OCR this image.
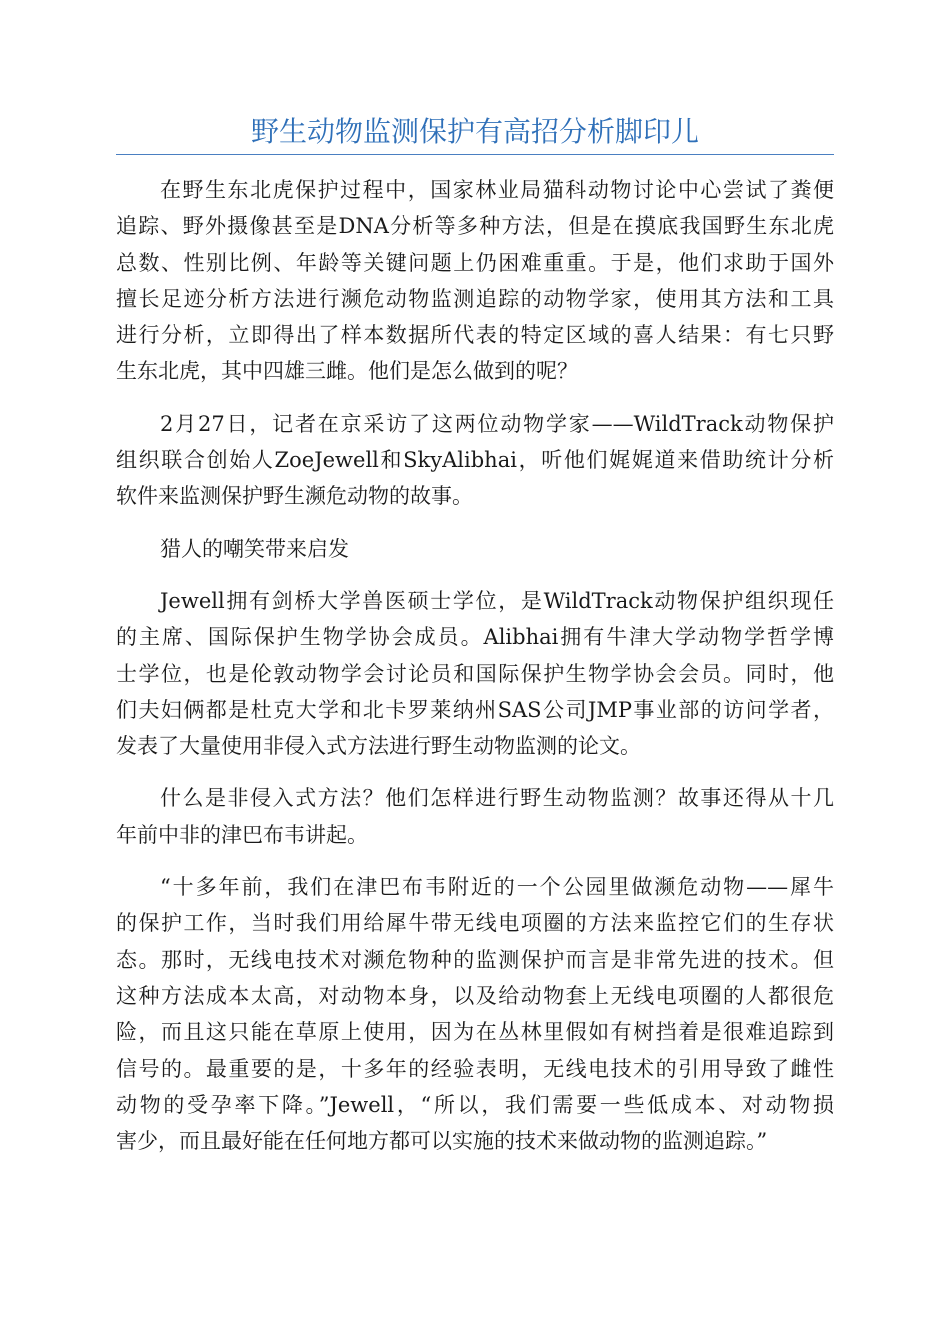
野生动物监测保护有高招分析脚印儿

在野生东北虎保护过程中，国家林业局猫科动物讨论中心尝试了粪便
追踪、野外摄像甚至是DNA分析等多种方法，但是在摸底我国野生东北虎
总数、性别比例、年龄等关键问题上仍困难重重。于是，他们求助于国外
擅长足迹分析方法进行濒危动物监测追踪的动物学家，使用其方法和工具
进行分析，立即得出了样本数据所代表的特定区域的喜人结果：有七只野
生东北虎，其中四雄三雌。他们是怎么做到的呢？

2月27日，记者在京采访了这两位动物学家——WildTrack动物保护
组织联合创始人ZoeJewell和SkyAlibhai，听他们娓娓道来借助统计分析
软件来监测保护野生濒危动物的故事。

猎人的嘲笑带来启发

Jewell拥有剑桥大学兽医硕士学位，是WildTrack动物保护组织现任
的主席、国际保护生物学协会成员。Alibhai拥有牛津大学动物学哲学博
士学位，也是伦敦动物学会讨论员和国际保护生物学协会会员。同时，他
们夫妇俩都是杜克大学和北卡罗莱纳州SAS公司JMP事业部的访问学者，
发表了大量使用非侵入式方法进行野生动物监测的论文。

什么是非侵入式方法？他们怎样进行野生动物监测？故事还得从十几
年前中非的津巴布韦讲起。

“十多年前，我们在津巴布韦附近的一个公园里做濒危动物——犀牛
的保护工作，当时我们用给犀牛带无线电项圈的方法来监控它们的生存状
态。那时，无线电技术对濒危物种的监测保护而言是非常先进的技术。但
这种方法成本太高，对动物本身，以及给动物套上无线电项圈的人都很危
险，而且这只能在草原上使用，因为在丛林里假如有树挡着是很难追踪到
信号的。最重要的是，十多年的经验表明，无线电技术的引用导致了雌性
动物的受孕率下降。”Jewell，“所以，我们需要一些低成本、对动物损
害少，而且最好能在任何地方都可以实施的技术来做动物的监测追踪。”
